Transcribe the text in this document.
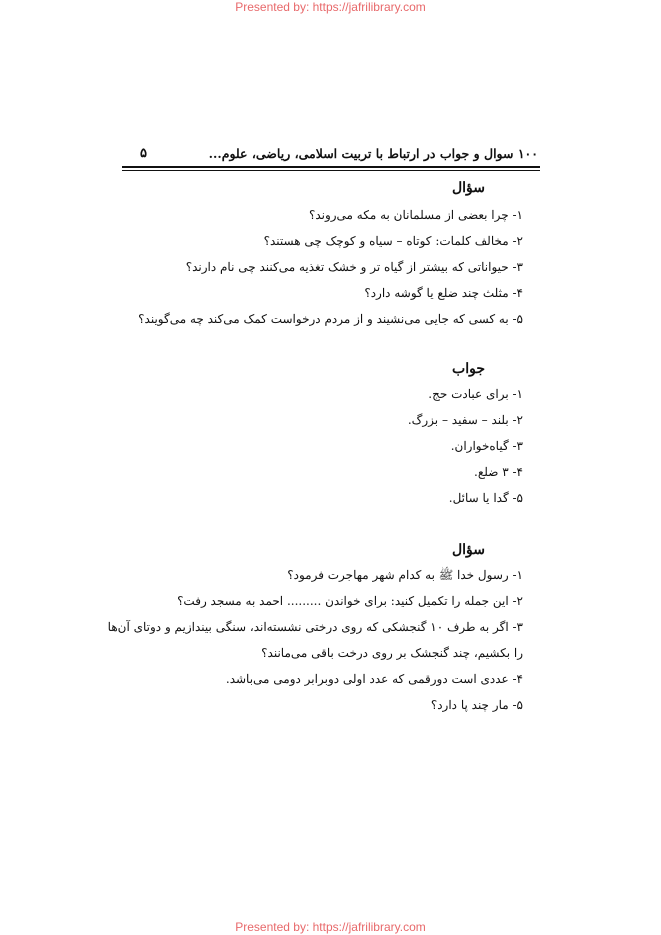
Presented by: https://jafrilibrary.com
۱۰۰ سوال و جواب در ارتباط با تربیت اسلامی، ریاضی، علوم...
۵
سؤال
۱- چرا بعضی از مسلمانان به مکه می‌روند؟
۲- مخالف کلمات: کوتاه – سیاه و کوچک چی هستند؟
۳- حیواناتی که بیشتر از گیاه تر و خشک تغذیه می‌کنند چی نام دارند؟
۴- مثلث چند ضلع یا گوشه دارد؟
۵- به کسی که جایی می‌نشیند و از مردم درخواست کمک می‌کند چه می‌گویند؟
جواب
۱- برای عبادت حج.
۲- بلند – سفید – بزرگ.
۳- گیاه‌خواران.
۴- ۳ ضلع.
۵- گدا یا سائل.
سؤال
۱- رسول خدا ﷺ به کدام شهر مهاجرت فرمود؟
۲- این جمله را تکمیل کنید: برای خواندن ......... احمد به مسجد رفت؟
۳- اگر به طرف ۱۰ گنجشکی که روی درختی نشسته‌اند، سنگی بیندازیم و دوتای آن‌ها
را بکشیم، چند گنجشک بر روی درخت باقی می‌مانند؟
۴- عددی است دورقمی که عدد اولی دوبرابر دومی می‌باشد.
۵- مار چند پا دارد؟
Presented by: https://jafrilibrary.com
